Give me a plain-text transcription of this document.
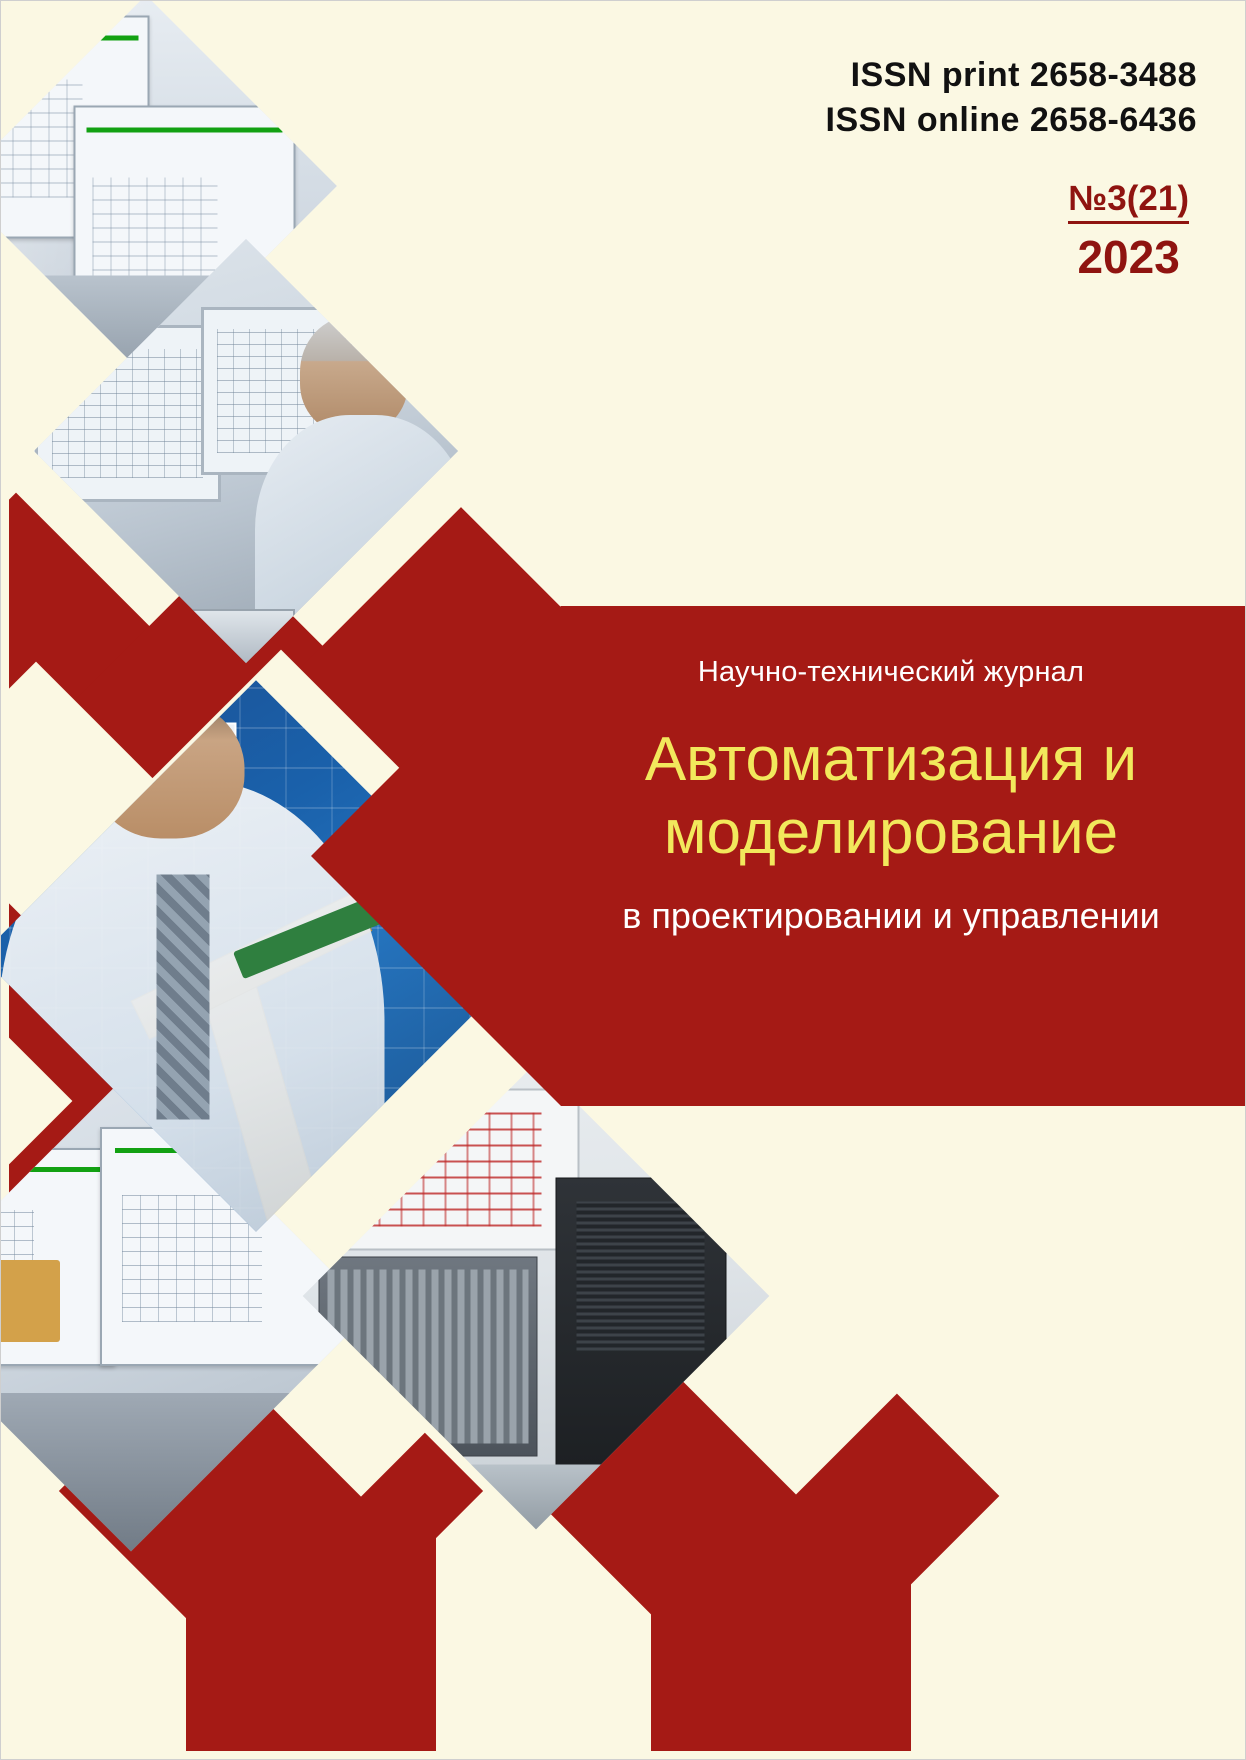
Научно-технический журнал

Автоматизация и моделирование

в проектировании и управлении

ISSN print 2658-3488
ISSN online 2658-6436
№3(21)
2023
